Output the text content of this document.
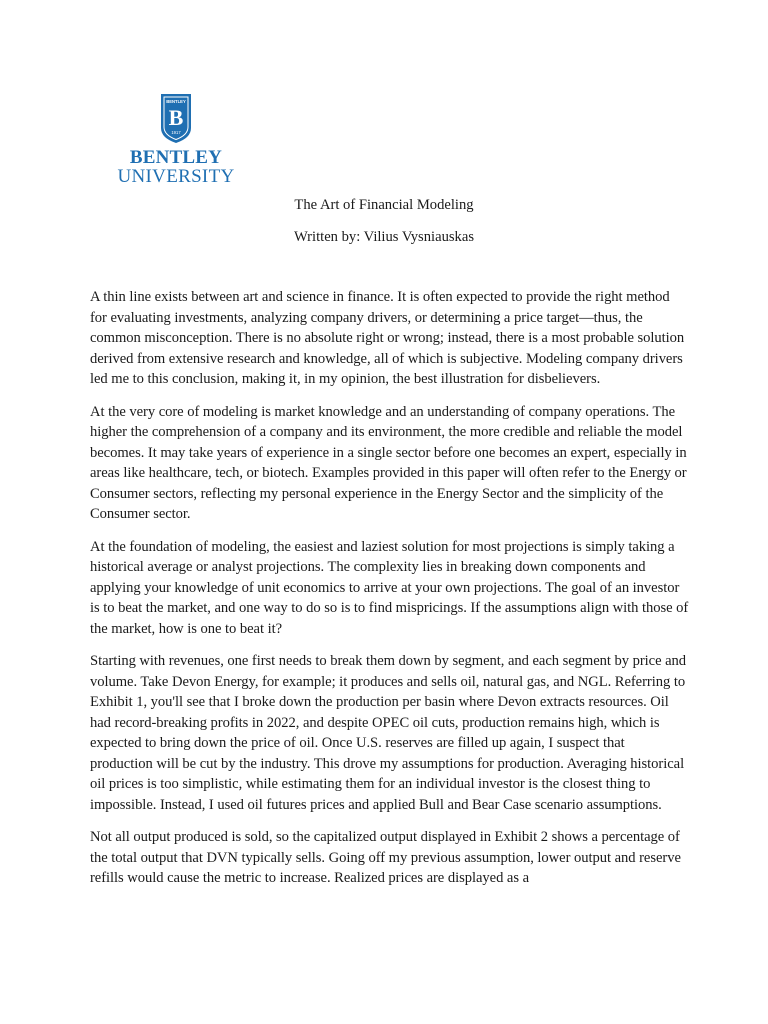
BENTLEY
B
1917
BENTLEY
UNIVERSITY
The Art of Financial Modeling
Written by: Vilius Vysniauskas

A thin line exists between art and science in finance. It is often expected to provide the right method for evaluating investments, analyzing company drivers, or determining a price target—thus, the common misconception. There is no absolute right or wrong; instead, there is a most probable solution derived from extensive research and knowledge, all of which is subjective. Modeling company drivers led me to this conclusion, making it, in my opinion, the best illustration for disbelievers.

At the very core of modeling is market knowledge and an understanding of company operations. The higher the comprehension of a company and its environment, the more credible and reliable the model becomes. It may take years of experience in a single sector before one becomes an expert, especially in areas like healthcare, tech, or biotech. Examples provided in this paper will often refer to the Energy or Consumer sectors, reflecting my personal experience in the Energy Sector and the simplicity of the Consumer sector.

At the foundation of modeling, the easiest and laziest solution for most projections is simply taking a historical average or analyst projections. The complexity lies in breaking down components and applying your knowledge of unit economics to arrive at your own projections. The goal of an investor is to beat the market, and one way to do so is to find mispricings. If the assumptions align with those of the market, how is one to beat it?

Starting with revenues, one first needs to break them down by segment, and each segment by price and volume. Take Devon Energy, for example; it produces and sells oil, natural gas, and NGL. Referring to Exhibit 1, you'll see that I broke down the production per basin where Devon extracts resources. Oil had record-breaking profits in 2022, and despite OPEC oil cuts, production remains high, which is expected to bring down the price of oil. Once U.S. reserves are filled up again, I suspect that production will be cut by the industry. This drove my assumptions for production. Averaging historical oil prices is too simplistic, while estimating them for an individual investor is the closest thing to impossible. Instead, I used oil futures prices and applied Bull and Bear Case scenario assumptions.

Not all output produced is sold, so the capitalized output displayed in Exhibit 2 shows a percentage of the total output that DVN typically sells. Going off my previous assumption, lower output and reserve refills would cause the metric to increase. Realized prices are displayed as a
